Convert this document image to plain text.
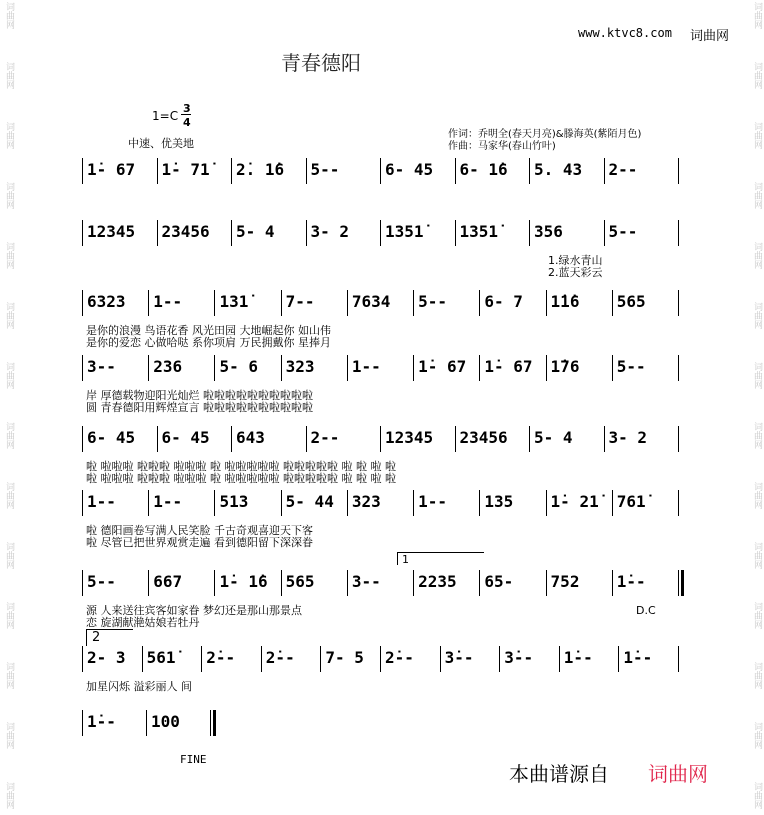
词曲网
词曲网
词曲网
词曲网
词曲网
词曲网
词曲网
词曲网
词曲网
词曲网
词曲网
词曲网
词曲网
词曲网
词曲网
词曲网
词曲网
词曲网
词曲网
词曲网
词曲网
词曲网
词曲网
词曲网
词曲网
词曲网
词曲网
词曲网
www.ktvc8.com 词曲网
青春德阳
1=C
3
4
中速、优美地
作词：乔明全(春天月亮)&滕海英(紫陌月色)
作曲：马家华(春山竹叶)
1̇- 67	1̇- 71̇	2̇. 1̇6	5--	6- 45	6- 1̇6	5. 43	2--
12345	23456	5- 4	3- 2	1351̇	1351̇	356	5--
1.绿水青山
2.蓝天彩云
6323	1--	131̇	7--	7634	5--	6- 7	1̇1̇6	565
是你的浪漫 鸟语花香 风光田园 大地崛起你 如山伟
是你的爱恋 心做哈哒 系你项肩 万民拥戴你 星捧月
3--	236	5- 6	323	1--	1̇- 67	1̇- 67	1̇76	5--
岸 厚德载物迎阳光灿烂 啦啦啦啦啦啦啦啦啦啦
圆 青春德阳用辉煌宣言 啦啦啦啦啦啦啦啦啦啦
6- 45	6- 45	643	2--	12345	23456	5- 4	3- 2
啦 啦啦啦 啦啦啦 啦啦啦 啦 啦啦啦啦啦 啦啦啦啦啦 啦 啦 啦 啦
啦 啦啦啦 啦啦啦 啦啦啦 啦 啦啦啦啦啦 啦啦啦啦啦 啦 啦 啦 啦
1--	1--	513	5- 44	323	1--	135	1̇- 21̇	761̇
啦 德阳画卷写满人民笑脸 千古奇观喜迎天下客
啦 尽管已把世界观赏走遍 看到德阳留下深深眷
5--	667	1̇- 1̇6	565	3--	2235	65-	752	1̇--
源 人来送往宾客如家眷 梦幻还是那山那景点
恋 旋湖献滟姑娘若牡丹
2- 3	561̇	2̇--	2̇--	7- 5	2̇--	3̇--	3̇--	1̇--	1̇--
加星闪烁 溢彩丽人 间
1̇--	100
1
2
D.C
FINE
本曲谱源自 词曲网
